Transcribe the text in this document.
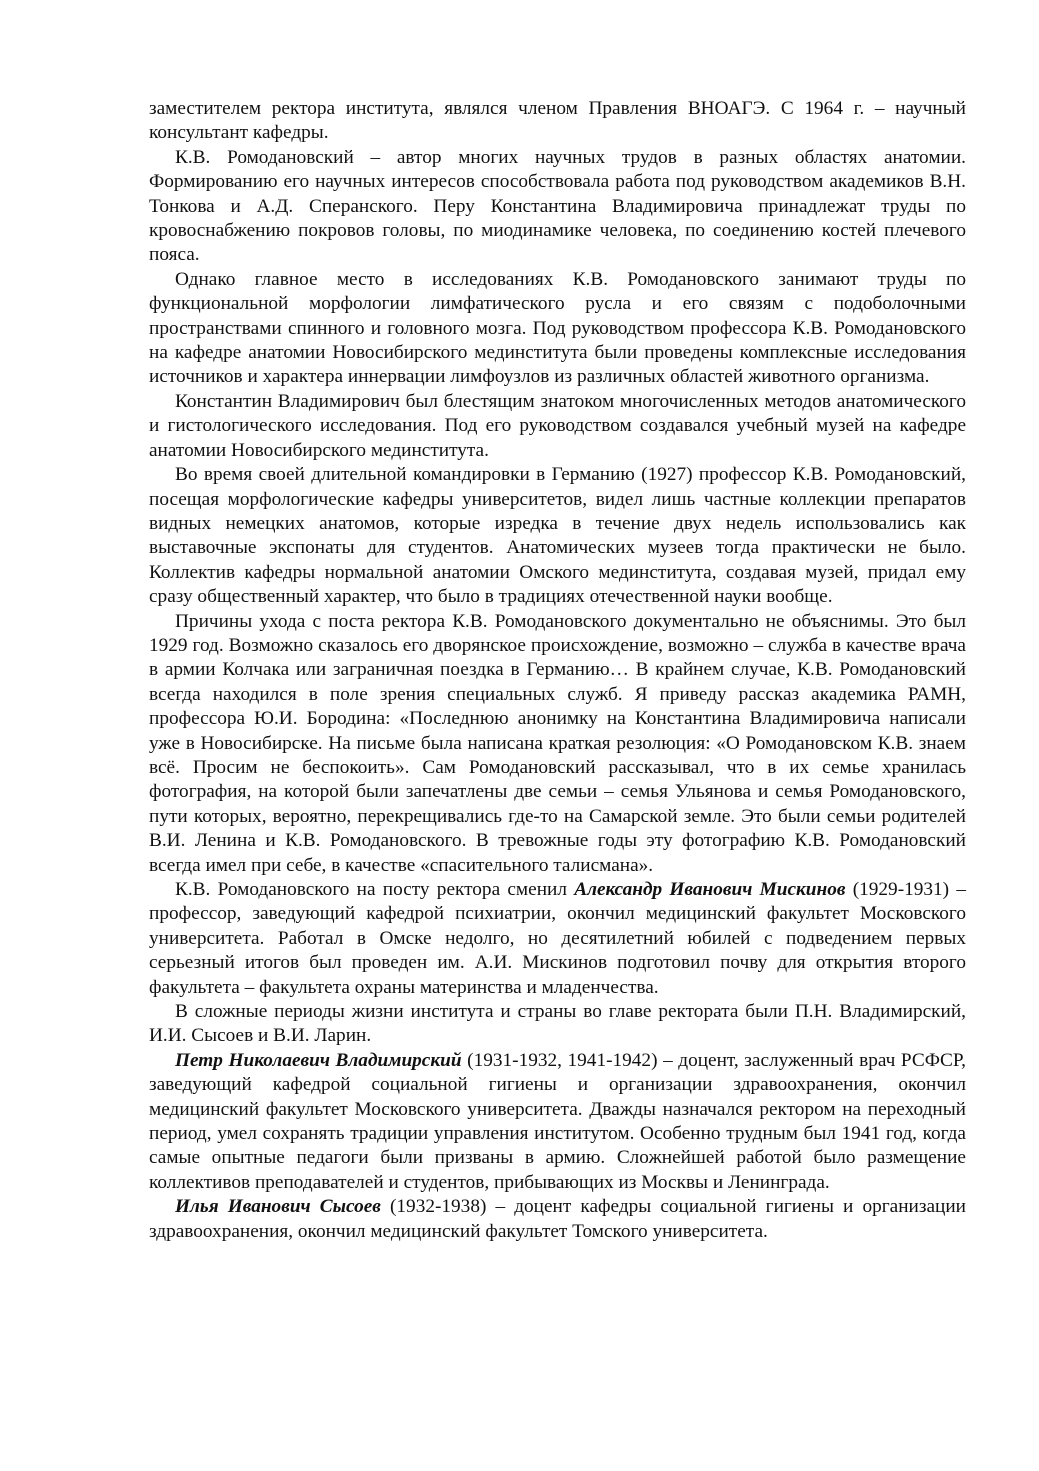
заместителем ректора института, являлся членом Правления ВНОАГЭ. С 1964 г. – научный консультант кафедры.

К.В. Ромодановский – автор многих научных трудов в разных областях анатомии. Формированию его научных интересов способствовала работа под руководством академиков В.Н. Тонкова и А.Д. Сперанского. Перу Константина Владимировича принадлежат труды по кровоснабжению покровов головы, по миодинамике человека, по соединению костей плечевого пояса.

Однако главное место в исследованиях К.В. Ромодановского занимают труды по функциональной морфологии лимфатического русла и его связям с подоболочными пространствами спинного и головного мозга. Под руководством профессора К.В. Ромодановского на кафедре анатомии Новосибирского мединститута были проведены комплексные исследования источников и характера иннервации лимфоузлов из различных областей животного организма.

Константин Владимирович был блестящим знатоком многочисленных методов анатомического и гистологического исследования. Под его руководством создавался учебный музей на кафедре анатомии Новосибирского мединститута.

Во время своей длительной командировки в Германию (1927) профессор К.В. Ромодановский, посещая морфологические кафедры университетов, видел лишь частные коллекции препаратов видных немецких анатомов, которые изредка в течение двух недель использовались как выставочные экспонаты для студентов. Анатомических музеев тогда практически не было. Коллектив кафедры нормальной анатомии Омского мединститута, создавая музей, придал ему сразу общественный характер, что было в традициях отечественной науки вообще.

Причины ухода с поста ректора К.В. Ромодановского документально не объяснимы. Это был 1929 год. Возможно сказалось его дворянское происхождение, возможно – служба в качестве врача в армии Колчака или заграничная поездка в Германию… В крайнем случае, К.В. Ромодановский всегда находился в поле зрения специальных служб. Я приведу рассказ академика РАМН, профессора Ю.И. Бородина: «Последнюю анонимку на Константина Владимировича написали уже в Новосибирске. На письме была написана краткая резолюция: «О Ромодановском К.В. знаем всё. Просим не беспокоить». Сам Ромодановский рассказывал, что в их семье хранилась фотография, на которой были запечатлены две семьи – семья Ульянова и семья Ромодановского, пути которых, вероятно, перекрещивались где-то на Самарской земле. Это были семьи родителей В.И. Ленина и К.В. Ромодановского. В тревожные годы эту фотографию К.В. Ромодановский всегда имел при себе, в качестве «спасительного талисмана».

К.В. Ромодановского на посту ректора сменил Александр Иванович Мискинов (1929-1931) – профессор, заведующий кафедрой психиатрии, окончил медицинский факультет Московского университета. Работал в Омске недолго, но десятилетний юбилей с подведением первых серьезный итогов был проведен им. А.И. Мискинов подготовил почву для открытия второго факультета – факультета охраны материнства и младенчества.

В сложные периоды жизни института и страны во главе ректората были П.Н. Владимирский, И.И. Сысоев и В.И. Ларин.

Петр Николаевич Владимирский (1931-1932, 1941-1942) – доцент, заслуженный врач РСФСР, заведующий кафедрой социальной гигиены и организации здравоохранения, окончил медицинский факультет Московского университета. Дважды назначался ректором на переходный период, умел сохранять традиции управления институтом. Особенно трудным был 1941 год, когда самые опытные педагоги были призваны в армию. Сложнейшей работой было размещение коллективов преподавателей и студентов, прибывающих из Москвы и Ленинграда.

Илья Иванович Сысоев (1932-1938) – доцент кафедры социальной гигиены и организации здравоохранения, окончил медицинский факультет Томского университета.
